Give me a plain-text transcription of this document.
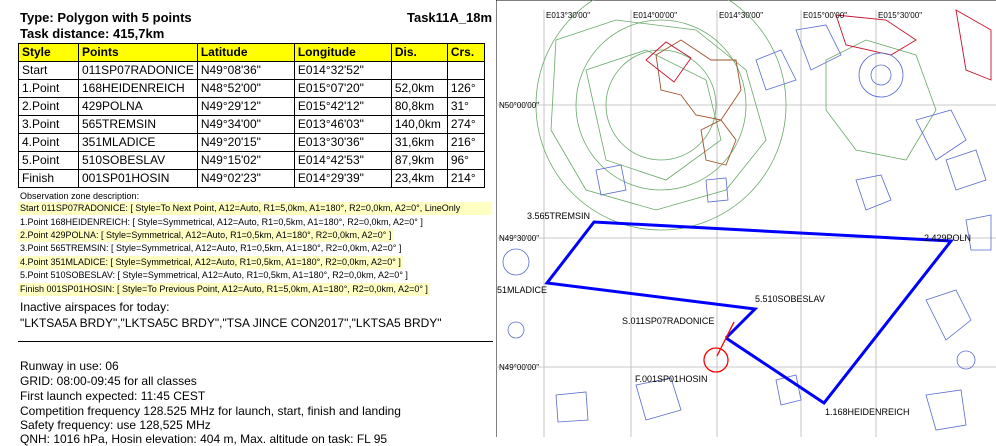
Type: Polygon with 5 points	Task11A_18m
Task distance: 415,7km
Style	Points	Latitude	Longitude	Dis.	Crs.
Start	011SP07RADONICE	N49°08'36"	E014°32'52"		
1.Point	168HEIDENREICH	N48°52'00"	E015°07'20"	52,0km	126°
2.Point	429POLNA	N49°29'12"	E015°42'12"	80,8km	31°
3.Point	565TREMSIN	N49°34'00"	E013°46'03"	140,0km	274°
4.Point	351MLADICE	N49°20'15"	E013°30'36"	31,6km	216°
5.Point	510SOBESLAV	N49°15'02"	E014°42'53"	87,9km	96°
Finish	001SP01HOSIN	N49°02'23"	E014°29'39"	23,4km	214°
Observation zone description:
Start 011SP07RADONICE: [ Style=To Next Point, A12=Auto, R1=5,0km, A1=180°, R2=0,0km, A2=0°, LineOnly
1.Point 168HEIDENREICH: [ Style=Symmetrical, A12=Auto, R1=0,5km, A1=180°, R2=0,0km, A2=0° ]
2.Point 429POLNA: [ Style=Symmetrical, A12=Auto, R1=0,5km, A1=180°, R2=0,0km, A2=0° ]
3.Point 565TREMSIN: [ Style=Symmetrical, A12=Auto, R1=0,5km, A1=180°, R2=0,0km, A2=0° ]
4.Point 351MLADICE: [ Style=Symmetrical, A12=Auto, R1=0,5km, A1=180°, R2=0,0km, A2=0° ]
5.Point 510SOBESLAV: [ Style=Symmetrical, A12=Auto, R1=0,5km, A1=180°, R2=0,0km, A2=0° ]
Finish 001SP01HOSIN: [ Style=To Previous Point, A12=Auto, R1=5,0km, A1=180°, R2=0,0km, A2=0° ]
Inactive airspaces for today:
"LKTSA5A BRDY","LKTSA5C BRDY","TSA JINCE CON2017","LKTSA5 BRDY"
Runway in use: 06
GRID: 08:00-09:45 for all classes
First launch expected: 11:45 CEST
Competition frequency 128.525 MHz for launch, start, finish and landing
Safety frequency: use 128,525 MHz
QNH: 1016 hPa, Hosin elevation: 404 m, Max. altitude on task: FL 95
E013°30'00"	E014°00'00"	E014°30'00"	E015°00'00"	E015°30'00"
N50°00'00"
N49°30'00"
N49°00'00"
3.565TREMSIN
2.429POLN
51MLADICE
5.510SOBESLAV
S.011SP07RADONICE
F.001SP01HOSIN
1.168HEIDENREICH
